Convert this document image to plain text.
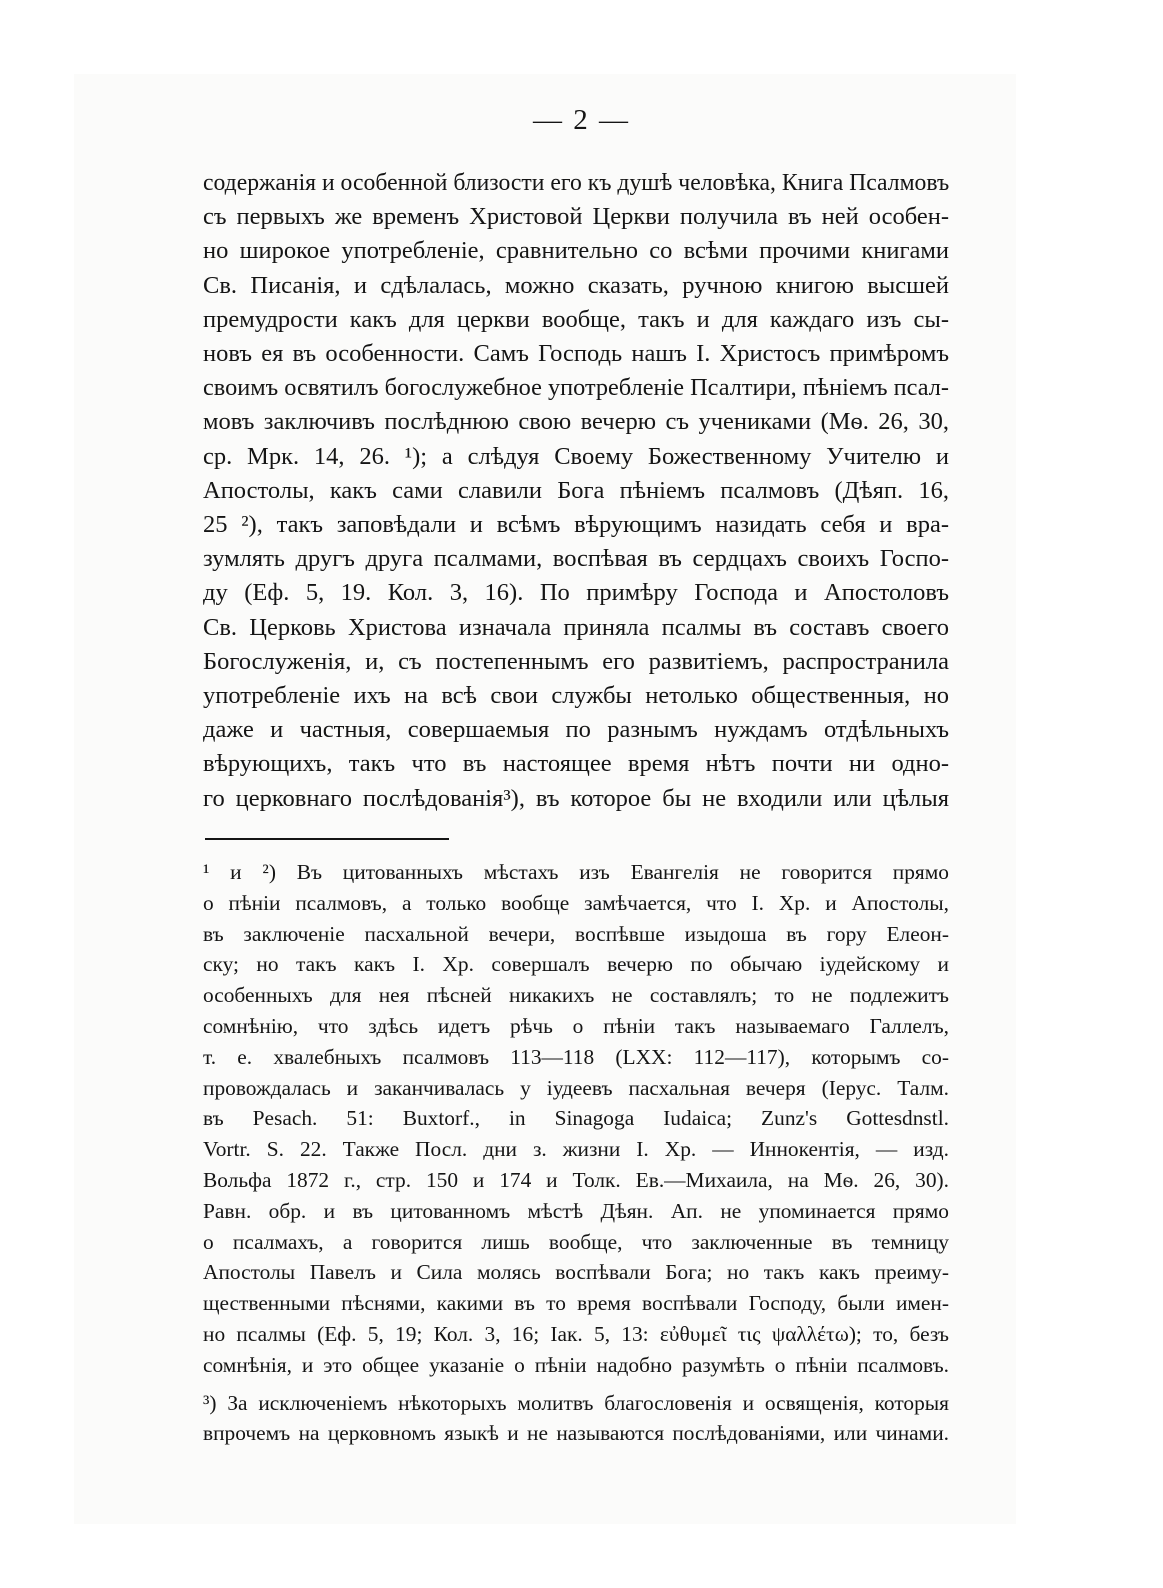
— 2 —
содержанія и особенной близости его къ душѣ человѣка, Книга Псалмовъ
съ первыхъ же временъ Христовой Церкви получила въ ней особен-
но широкое употребленіе, сравнительно со всѣми прочими книгами
Св. Писанія, и сдѣлалась, можно сказать, ручною книгою высшей
премудрости какъ для церкви вообще, такъ и для каждаго изъ сы-
новъ ея въ особенности. Самъ Господь нашъ І. Христосъ примѣромъ
своимъ освятилъ богослужебное употребленіе Псалтири, пѣніемъ псал-
мовъ заключивъ послѣднюю свою вечерю съ учениками (Мѳ. 26, 30,
ср. Мрк. 14, 26. ¹); а слѣдуя Своему Божественному Учителю и
Апостолы, какъ сами славили Бога пѣніемъ псалмовъ (Дѣяп. 16,
25 ²), такъ заповѣдали и всѣмъ вѣрующимъ назидать себя и вра-
зумлять другъ друга псалмами, воспѣвая въ сердцахъ своихъ Госпо-
ду (Еф. 5, 19. Кол. 3, 16). По примѣру Господа и Апостоловъ
Св. Церковь Христова изначала приняла псалмы въ составъ своего
Богослуженія, и, съ постепеннымъ его развитіемъ, распространила
употребленіе ихъ на всѣ свои службы нетолько общественныя, но
даже и частныя, совершаемыя по разнымъ нуждамъ отдѣльныхъ
вѣрующихъ, такъ что въ настоящее время нѣтъ почти ни одно-
го церковнаго послѣдованія³), въ которое бы не входили или цѣлыя
¹ и ²) Въ цитованныхъ мѣстахъ изъ Евангелія не говорится прямо
о пѣніи псалмовъ, а только вообще замѣчается, что І. Хр. и Апостолы,
въ заключеніе пасхальной вечери, воспѣвше изыдоша въ гору Елеон-
ску; но такъ какъ І. Хр. совершалъ вечерю по обычаю іудейскому и
особенныхъ для нея пѣсней никакихъ не составлялъ; то не подлежитъ
сомнѣнію, что здѣсь идетъ рѣчь о пѣніи такъ называемаго Галлелъ,
т. е. хвалебныхъ псалмовъ 113—118 (LXX: 112—117), которымъ со-
провождалась и заканчивалась у іудеевъ пасхальная вечеря (Іерус. Талм.
въ Pesach. 51: Buxtorf., in Sinagoga Iudaica; Zunz's Gottesdnstl.
Vortr. S. 22. Также Посл. дни з. жизни І. Хр. — Иннокентія, — изд.
Вольфа 1872 г., стр. 150 и 174 и Толк. Ев.—Михаила, на Мѳ. 26, 30).
Равн. обр. и въ цитованномъ мѣстѣ Дѣян. Ап. не упоминается прямо
о псалмахъ, а говорится лишь вообще, что заключенные въ темницу
Апостолы Павелъ и Сила молясь воспѣвали Бога; но такъ какъ преиму-
щественными пѣснями, какими въ то время воспѣвали Господу, были имен-
но псалмы (Еф. 5, 19; Кол. 3, 16; Іак. 5, 13: εὐθυμεῖ τις ψαλλέτω); то, безъ
сомнѣнія, и это общее указаніе о пѣніи надобно разумѣть о пѣніи псалмовъ.
³) За исключеніемъ нѣкоторыхъ молитвъ благословенія и освященія, которыя
впрочемъ на церковномъ языкѣ и не называются послѣдованіями, или чинами.
